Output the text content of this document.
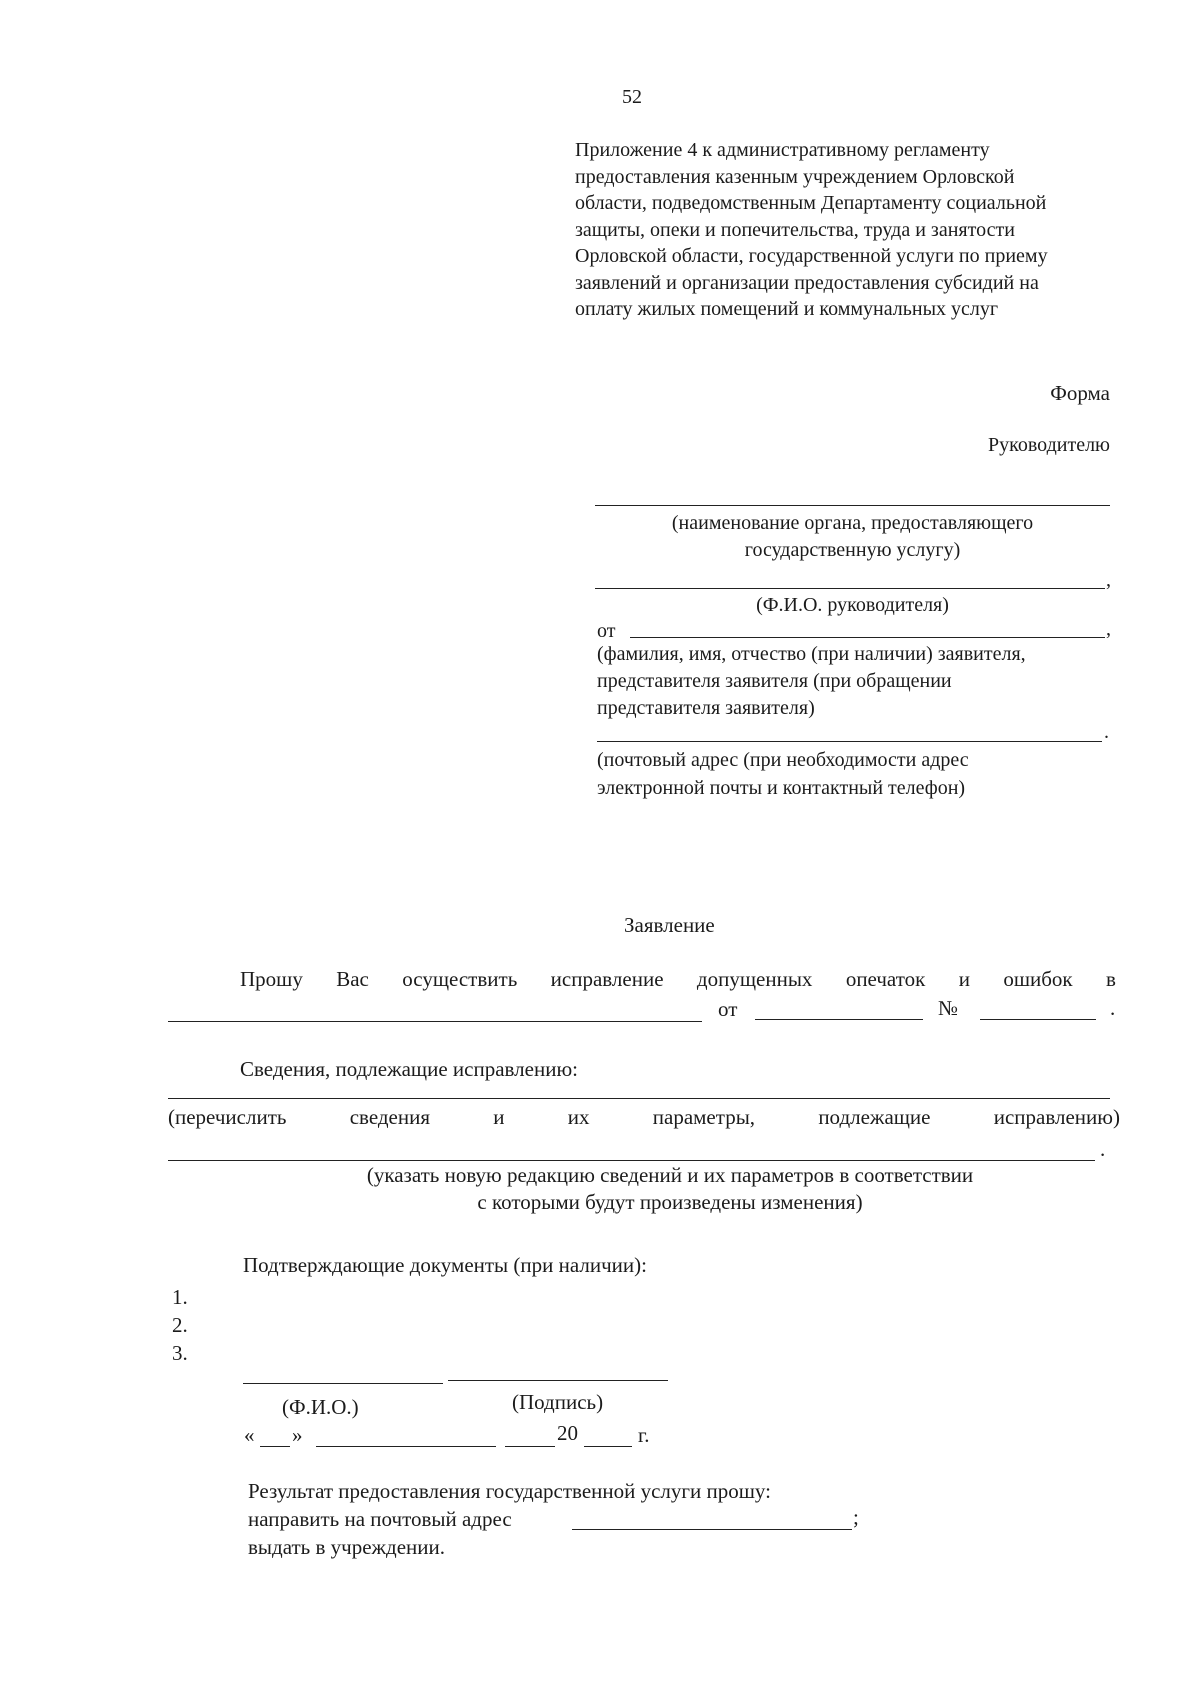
52
Приложение 4 к административному регламенту
предоставления казенным учреждением Орловской
области, подведомственным Департаменту социальной
защиты, опеки и попечительства, труда и занятости
Орловской области, государственной услуги по приему
заявлений и организации предоставления субсидий на
оплату жилых помещений и коммунальных услуг
Форма
Руководителю
(наименование органа, предоставляющего
государственную услугу)
,
(Ф.И.О. руководителя)
от	,
(фамилия, имя, отчество (при наличии) заявителя,
представителя заявителя (при обращении
представителя заявителя)
.
(почтовый адрес (при необходимости адрес
электронной почты и контактный телефон)
Заявление
Прошу Вас осуществить исправление допущенных опечаток и ошибок в
от	№	.
Сведения, подлежащие исправлению:
(перечислить	сведения	и	их	параметры,	подлежащие	исправлению)
.
(указать новую редакцию сведений и их параметров в соответствии
с которыми будут произведены изменения)
Подтверждающие документы (при наличии):
1.
2.
3.
(Ф.И.О.)	(Подпись)
« »	20	г.
Результат предоставления государственной услуги прошу:
направить на почтовый адрес	;
выдать в учреждении.
